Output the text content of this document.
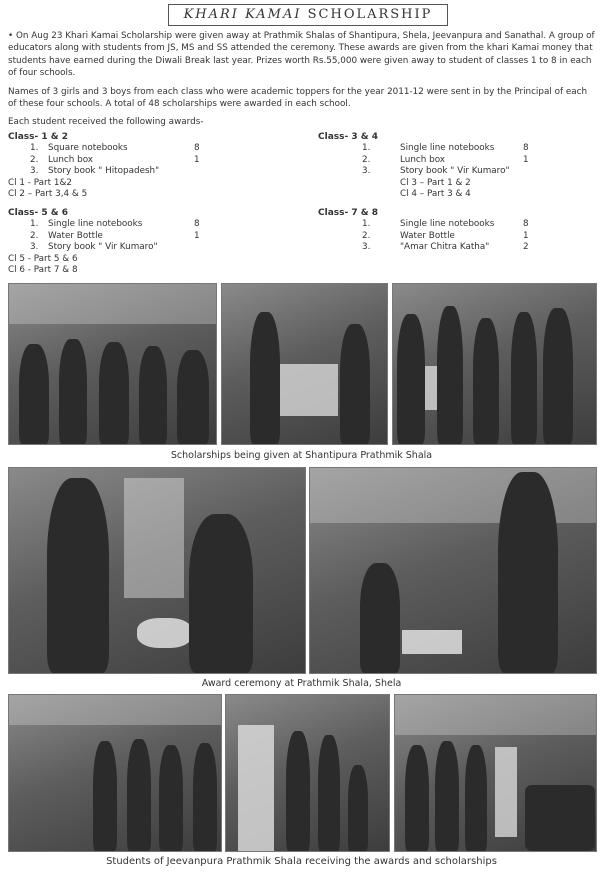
KHARI KAMAI SCHOLARSHIP

• On Aug 23 Khari Kamai Scholarship were given away at Prathmik Shalas of Shantipura, Shela, Jeevanpura and Sanathal. A group of educators along with students from JS, MS and SS attended the ceremony. These awards are given from the khari Kamai money that students have earned during the Diwali Break last year. Prizes worth Rs.55,000 were given away to student of classes 1 to 8 in each of four schools.

Names of 3 girls and 3 boys from each class who were academic toppers for the year 2011-12 were sent in by the Principal of each of these four schools. A total of 48 scholarships were awarded in each school.

Each student received the following awards-

Class- 1 & 2
1. Square notebooks	8
2. Lunch box	1
3. Story book " Hitopadesh"
Cl 1 - Part 1&2
Cl 2 – Part 3,4 & 5
Class- 3 & 4
1.	Single line notebooks	8
2.	Lunch box	1
3.	Story book " Vir Kumaro"
Cl 3 – Part 1 & 2
Cl 4 – Part 3 & 4
Class- 5 & 6
1. Single line notebooks	8
2. Water Bottle	1
3. Story book " Vir Kumaro"
Cl 5 - Part 5 & 6
Cl 6 - Part 7 & 8
Class- 7 & 8
1.	Single line notebooks	8
2.	Water Bottle	1
3.	"Amar Chitra Katha"	2
Scholarships being given at Shantipura Prathmik Shala
Award ceremony at Prathmik Shala, Shela
Students of Jeevanpura Prathmik Shala receiving the awards and scholarships
